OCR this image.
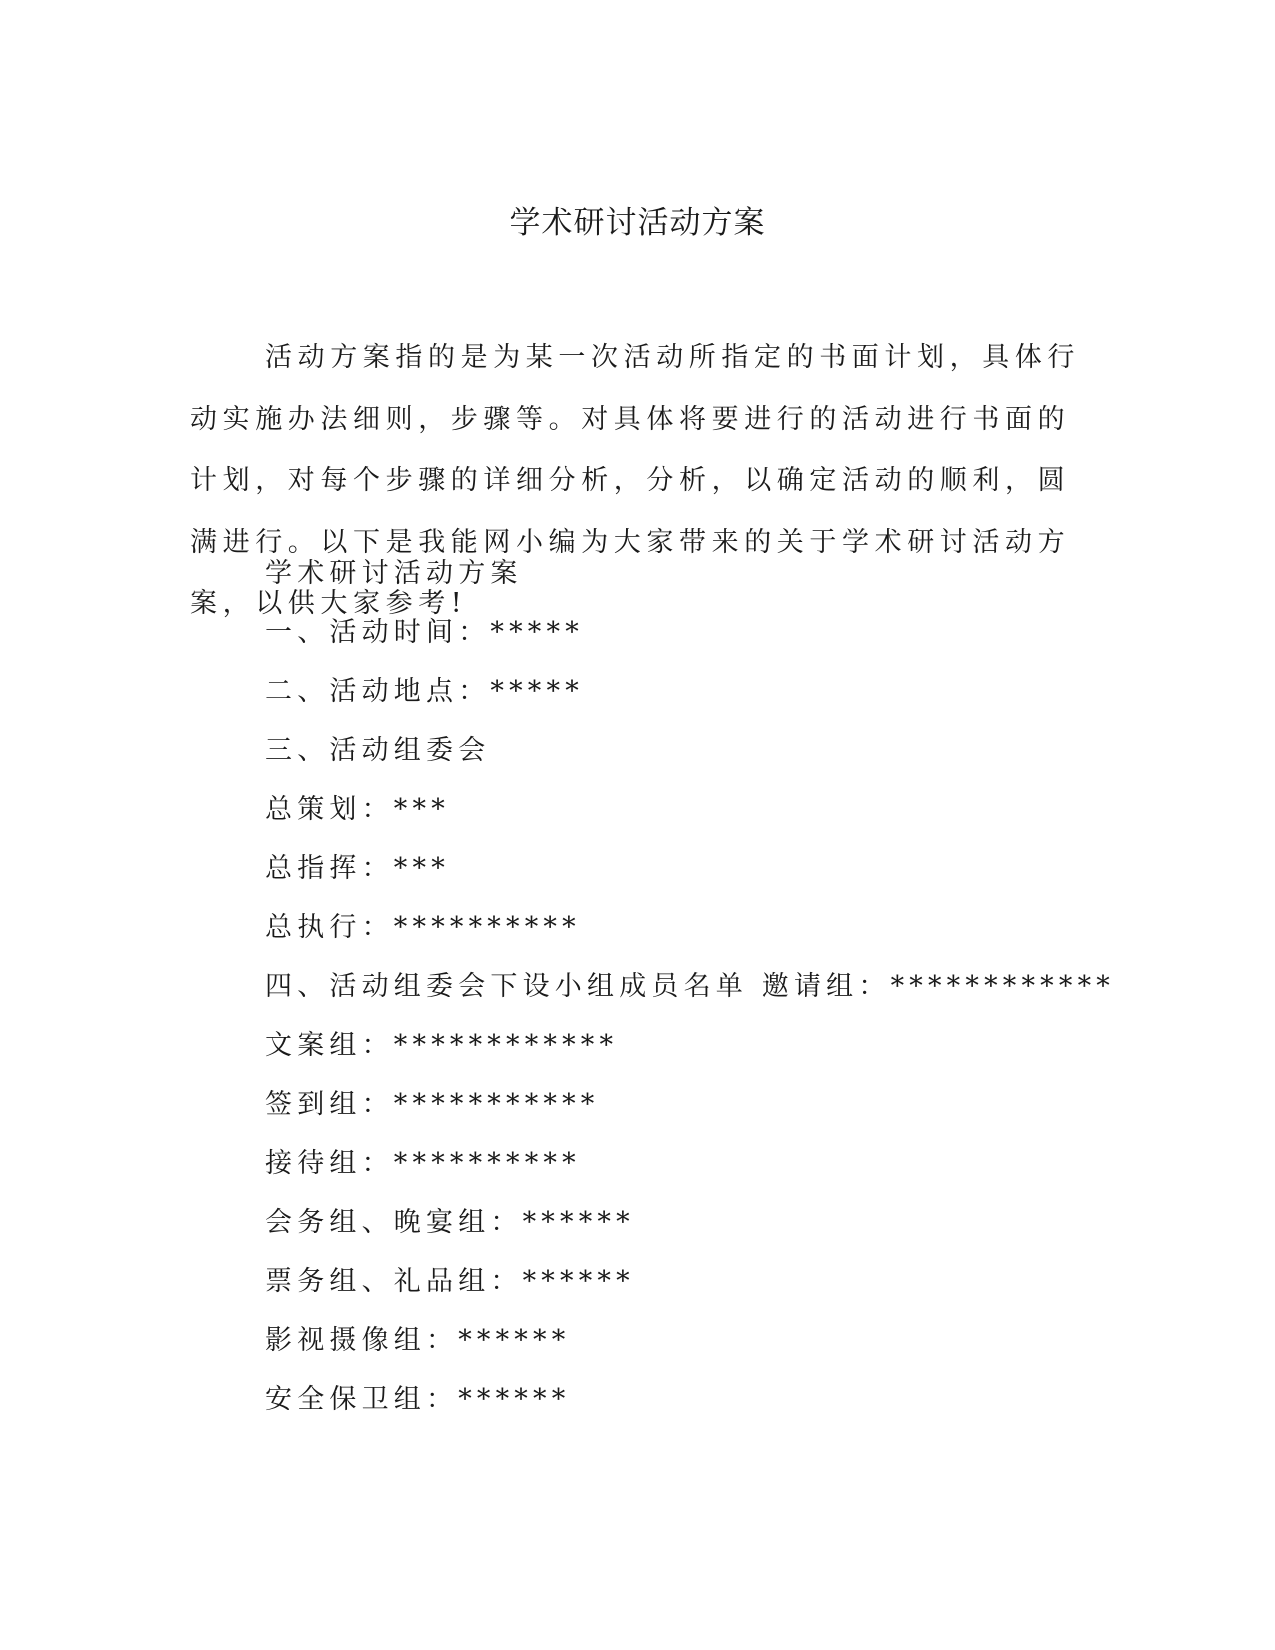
学术研讨活动方案

活动方案指的是为某一次活动所指定的书面计划，具体行动实施办法细则，步骤等。对具体将要进行的活动进行书面的计划，对每个步骤的详细分析，分析，以确定活动的顺利，圆满进行。以下是我能网小编为大家带来的关于学术研讨活动方案，以供大家参考!

学术研讨活动方案

一、活动时间：*****

二、活动地点：*****

三、活动组委会

总策划：***

总指挥：***

总执行：**********

四、活动组委会下设小组成员名单 邀请组：************

文案组：************

签到组：***********

接待组：**********

会务组、晚宴组：******

票务组、礼品组：******

影视摄像组：******

安全保卫组：******
